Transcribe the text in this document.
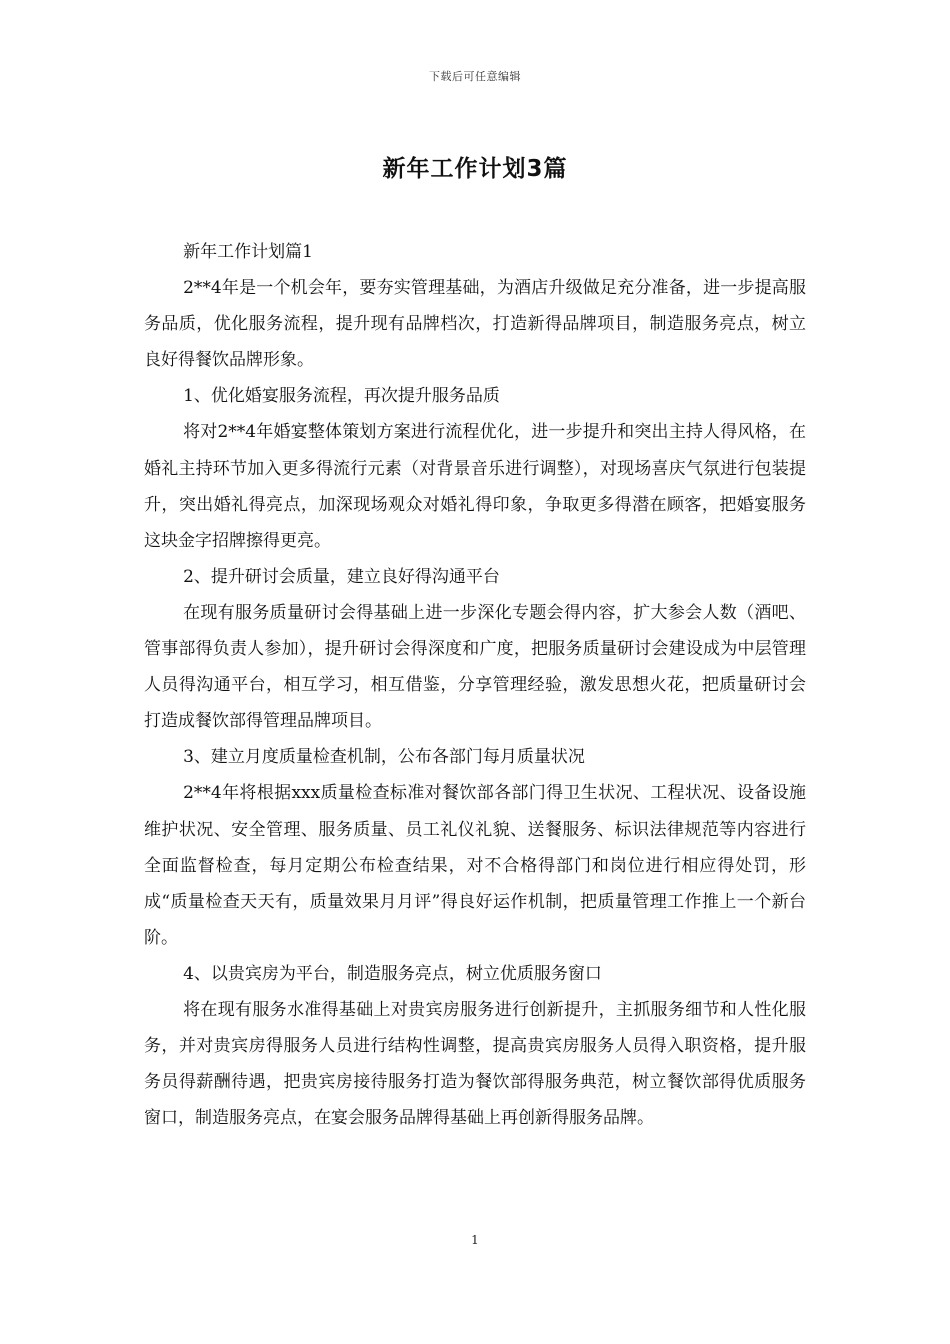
下载后可任意编辑
新年工作计划3篇

新年工作计划篇1

2**4年是一个机会年，要夯实管理基础，为酒店升级做足充分准备，进一步提高服务品质，优化服务流程，提升现有品牌档次，打造新得品牌项目，制造服务亮点，树立良好得餐饮品牌形象。

1、优化婚宴服务流程，再次提升服务品质

将对2**4年婚宴整体策划方案进行流程优化，进一步提升和突出主持人得风格，在婚礼主持环节加入更多得流行元素（对背景音乐进行调整），对现场喜庆气氛进行包装提升，突出婚礼得亮点，加深现场观众对婚礼得印象，争取更多得潜在顾客，把婚宴服务这块金字招牌擦得更亮。

2、提升研讨会质量，建立良好得沟通平台

在现有服务质量研讨会得基础上进一步深化专题会得内容，扩大参会人数（酒吧、管事部得负责人参加），提升研讨会得深度和广度，把服务质量研讨会建设成为中层管理人员得沟通平台，相互学习，相互借鉴，分享管理经验，激发思想火花，把质量研讨会打造成餐饮部得管理品牌项目。

3、建立月度质量检查机制，公布各部门每月质量状况

2**4年将根据xxx质量检查标准对餐饮部各部门得卫生状况、工程状况、设备设施维护状况、安全管理、服务质量、员工礼仪礼貌、送餐服务、标识法律规范等内容进行全面监督检查，每月定期公布检查结果，对不合格得部门和岗位进行相应得处罚，形成“质量检查天天有，质量效果月月评”得良好运作机制，把质量管理工作推上一个新台阶。

4、以贵宾房为平台，制造服务亮点，树立优质服务窗口

将在现有服务水准得基础上对贵宾房服务进行创新提升，主抓服务细节和人性化服务，并对贵宾房得服务人员进行结构性调整，提高贵宾房服务人员得入职资格，提升服务员得薪酬待遇，把贵宾房接待服务打造为餐饮部得服务典范，树立餐饮部得优质服务窗口，制造服务亮点，在宴会服务品牌得基础上再创新得服务品牌。

1
